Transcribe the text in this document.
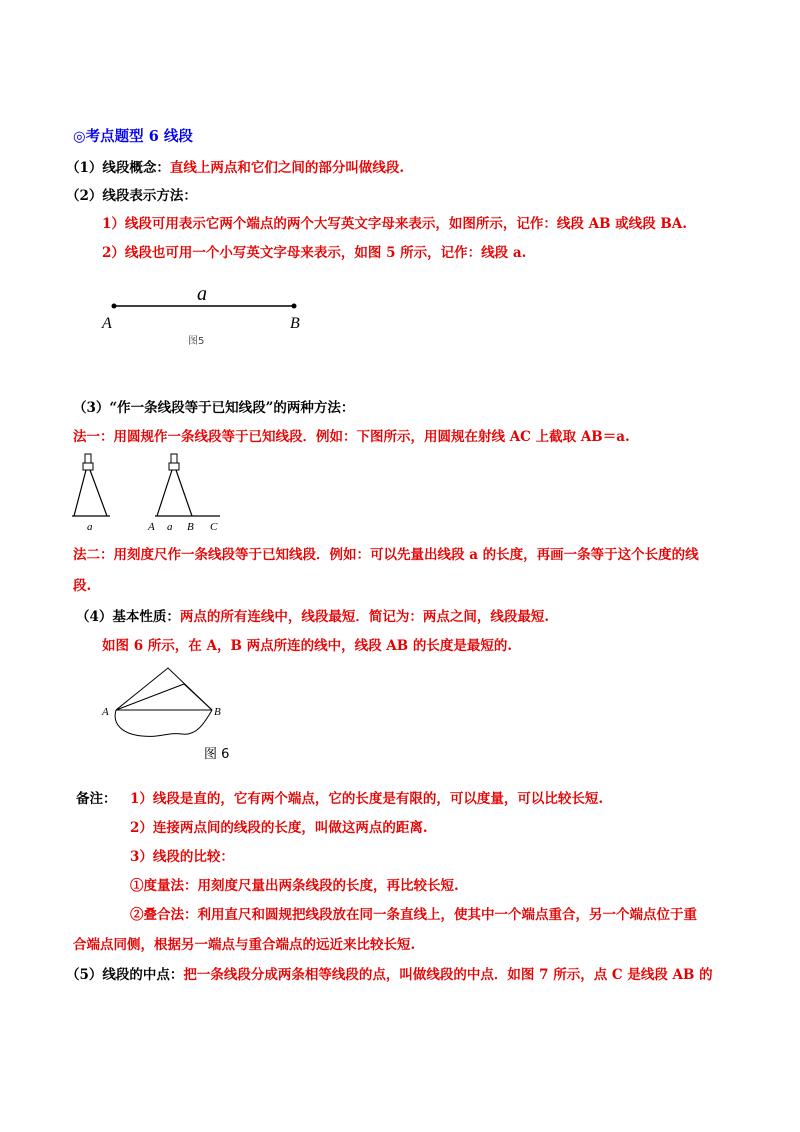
◎考点题型 6 线段
（1）线段概念：直线上两点和它们之间的部分叫做线段.
（2）线段表示方法：
1）线段可用表示它两个端点的两个大写英文字母来表示，如图所示，记作：线段 AB 或线段 BA.
2）线段也可用一个小写英文字母来表示，如图 5 所示，记作：线段 a.
a
A	B
图5
（3）“作一条线段等于已知线段”的两种方法：
法一：用圆规作一条线段等于已知线段．例如：下图所示，用圆规在射线 AC 上截取 AB＝a.
a	A a B C
法二：用刻度尺作一条线段等于已知线段．例如：可以先量出线段 a 的长度，再画一条等于这个长度的线
段.
（4）基本性质：两点的所有连线中，线段最短．简记为：两点之间，线段最短.
如图 6 所示，在 A，B 两点所连的线中，线段 AB 的长度是最短的.
A	B
图 6
备注： 1）线段是直的，它有两个端点，它的长度是有限的，可以度量，可以比较长短.
2）连接两点间的线段的长度，叫做这两点的距离.
3）线段的比较：
①度量法：用刻度尺量出两条线段的长度，再比较长短.
②叠合法：利用直尺和圆规把线段放在同一条直线上，使其中一个端点重合，另一个端点位于重
合端点同侧，根据另一端点与重合端点的远近来比较长短.
（5）线段的中点：把一条线段分成两条相等线段的点，叫做线段的中点．如图 7 所示，点 C 是线段 AB 的
